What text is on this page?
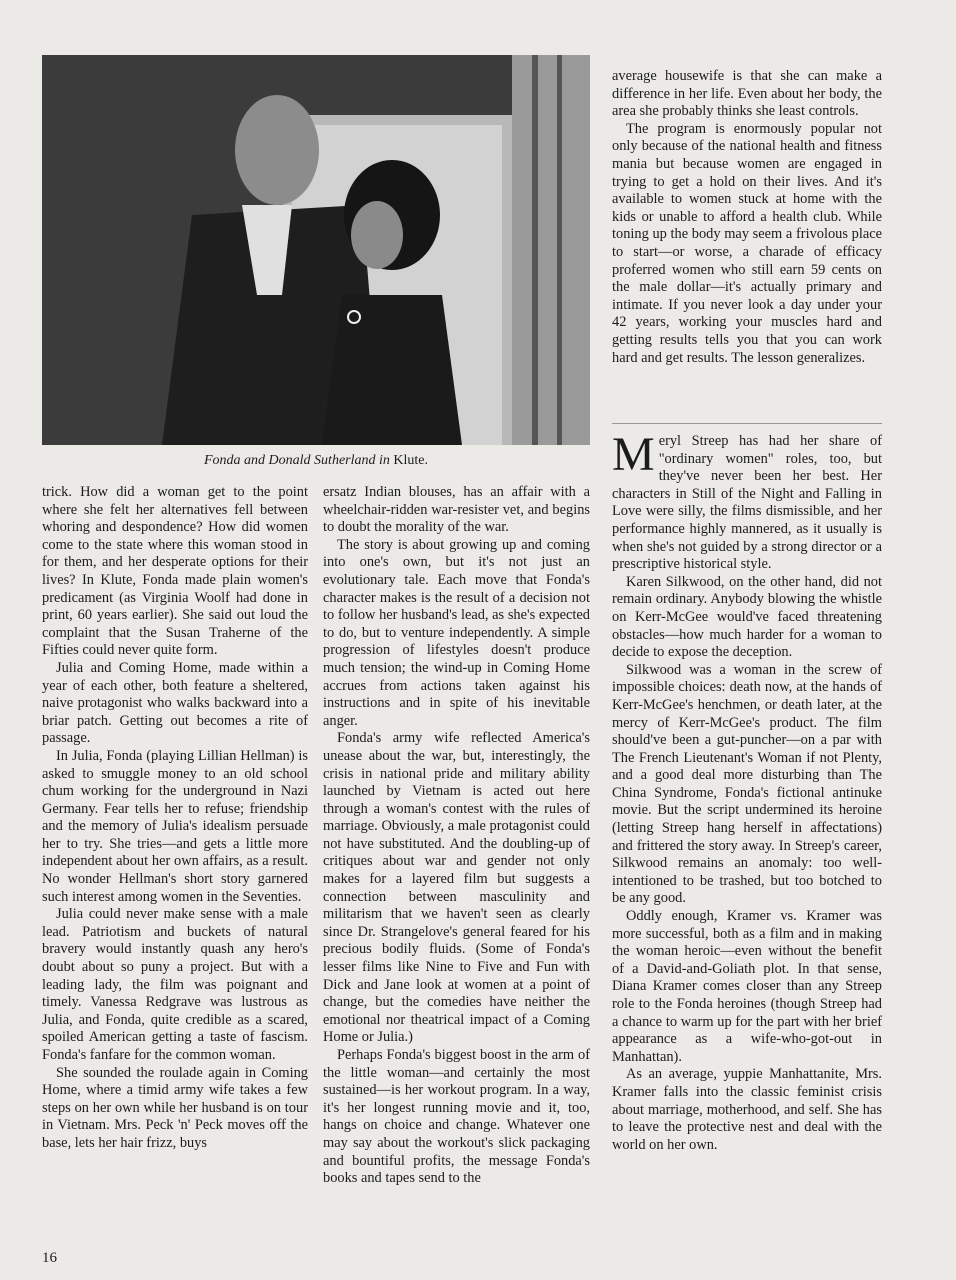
Fonda and Donald Sutherland in Klute.

trick. How did a woman get to the point where she felt her alternatives fell between whoring and despondence? How did women come to the state where this woman stood in for them, and her desperate options for their lives? In Klute, Fonda made plain women's predicament (as Virginia Woolf had done in print, 60 years earlier). She said out loud the complaint that the Susan Traherne of the Fifties could never quite form.

Julia and Coming Home, made within a year of each other, both feature a sheltered, naive protagonist who walks backward into a briar patch. Getting out becomes a rite of passage.

In Julia, Fonda (playing Lillian Hellman) is asked to smuggle money to an old school chum working for the underground in Nazi Germany. Fear tells her to refuse; friendship and the memory of Julia's idealism persuade her to try. She tries—and gets a little more independent about her own affairs, as a result. No wonder Hellman's short story garnered such interest among women in the Seventies.

Julia could never make sense with a male lead. Patriotism and buckets of natural bravery would instantly quash any hero's doubt about so puny a project. But with a leading lady, the film was poignant and timely. Vanessa Redgrave was lustrous as Julia, and Fonda, quite credible as a scared, spoiled American getting a taste of fascism. Fonda's fanfare for the common woman.

She sounded the roulade again in Coming Home, where a timid army wife takes a few steps on her own while her husband is on tour in Vietnam. Mrs. Peck 'n' Peck moves off the base, lets her hair frizz, buys

ersatz Indian blouses, has an affair with a wheelchair-ridden war-resister vet, and begins to doubt the morality of the war.

The story is about growing up and coming into one's own, but it's not just an evolutionary tale. Each move that Fonda's character makes is the result of a decision not to follow her husband's lead, as she's expected to do, but to venture independently. A simple progression of lifestyles doesn't produce much tension; the wind-up in Coming Home accrues from actions taken against his instructions and in spite of his inevitable anger.

Fonda's army wife reflected America's unease about the war, but, interestingly, the crisis in national pride and military ability launched by Vietnam is acted out here through a woman's contest with the rules of marriage. Obviously, a male protagonist could not have substituted. And the doubling-up of critiques about war and gender not only makes for a layered film but suggests a connection between masculinity and militarism that we haven't seen as clearly since Dr. Strangelove's general feared for his precious bodily fluids. (Some of Fonda's lesser films like Nine to Five and Fun with Dick and Jane look at women at a point of change, but the comedies have neither the emotional nor theatrical impact of a Coming Home or Julia.)

Perhaps Fonda's biggest boost in the arm of the little woman—and certainly the most sustained—is her workout program. In a way, it's her longest running movie and it, too, hangs on choice and change. Whatever one may say about the workout's slick packaging and bountiful profits, the message Fonda's books and tapes send to the

average housewife is that she can make a difference in her life. Even about her body, the area she probably thinks she least controls.

The program is enormously popular not only because of the national health and fitness mania but because women are engaged in trying to get a hold on their lives. And it's available to women stuck at home with the kids or unable to afford a health club. While toning up the body may seem a frivolous place to start—or worse, a charade of efficacy proferred women who still earn 59 cents on the male dollar—it's actually primary and intimate. If you never look a day under your 42 years, working your muscles hard and getting results tells you that you can work hard and get results. The lesson generalizes.

Meryl Streep has had her share of "ordinary women" roles, too, but they've never been her best. Her characters in Still of the Night and Falling in Love were silly, the films dismissible, and her performance highly mannered, as it usually is when she's not guided by a strong director or a prescriptive historical style.

Karen Silkwood, on the other hand, did not remain ordinary. Anybody blowing the whistle on Kerr-McGee would've faced threatening obstacles—how much harder for a woman to decide to expose the deception.

Silkwood was a woman in the screw of impossible choices: death now, at the hands of Kerr-McGee's henchmen, or death later, at the mercy of Kerr-McGee's product. The film should've been a gut-puncher—on a par with The French Lieutenant's Woman if not Plenty, and a good deal more disturbing than The China Syndrome, Fonda's fictional antinuke movie. But the script undermined its heroine (letting Streep hang herself in affectations) and frittered the story away. In Streep's career, Silkwood remains an anomaly: too well-intentioned to be trashed, but too botched to be any good.

Oddly enough, Kramer vs. Kramer was more successful, both as a film and in making the woman heroic—even without the benefit of a David-and-Goliath plot. In that sense, Diana Kramer comes closer than any Streep role to the Fonda heroines (though Streep had a chance to warm up for the part with her brief appearance as a wife-who-got-out in Manhattan).

As an average, yuppie Manhattanite, Mrs. Kramer falls into the classic feminist crisis about marriage, motherhood, and self. She has to leave the protective nest and deal with the world on her own.

16
